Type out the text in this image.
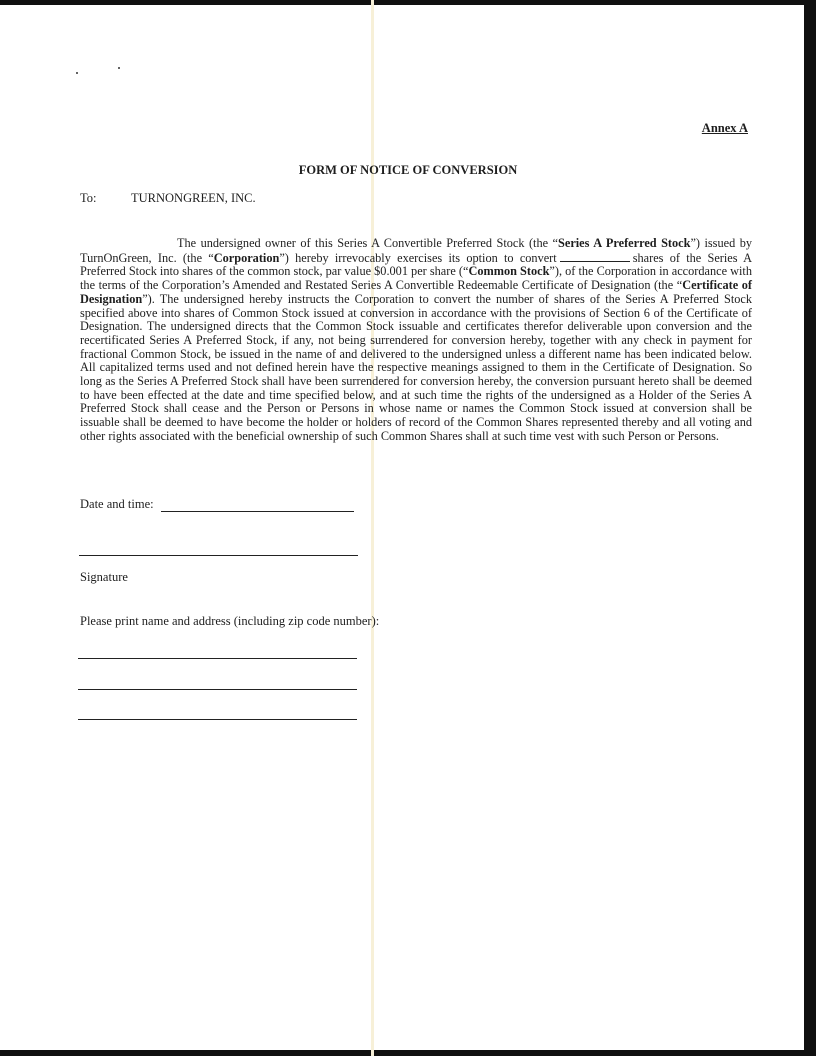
Annex A
FORM OF NOTICE OF CONVERSION
To:	TURNONGREEN, INC.

The undersigned owner of this Series A Convertible Preferred Stock (the “Series A Preferred Stock”) issued by TurnOnGreen, Inc. (the “Corporation”) hereby irrevocably exercises its option to convert	shares of the Series A Preferred Stock into shares of the common stock, par value $0.001 per share (“Common Stock”), of the Corporation in accordance with the terms of the Corporation’s Amended and Restated Series A Convertible Redeemable Certificate of Designation (the “Certificate of Designation”). The undersigned hereby instructs the Corporation to convert the number of shares of the Series A Preferred Stock specified above into shares of Common Stock issued at conversion in accordance with the provisions of Section 6 of the Certificate of Designation. The undersigned directs that the Common Stock issuable and certificates therefor deliverable upon conversion and the recertificated Series A Preferred Stock, if any, not being surrendered for conversion hereby, together with any check in payment for fractional Common Stock, be issued in the name of and delivered to the undersigned unless a different name has been indicated below. All capitalized terms used and not defined herein have the respective meanings assigned to them in the Certificate of Designation. So long as the Series A Preferred Stock shall have been surrendered for conversion hereby, the conversion pursuant hereto shall be deemed to have been effected at the date and time specified below, and at such time the rights of the undersigned as a Holder of the Series A Preferred Stock shall cease and the Person or Persons in whose name or names the Common Stock issued at conversion shall be issuable shall be deemed to have become the holder or holders of record of the Common Shares represented thereby and all voting and other rights associated with the beneficial ownership of such Common Shares shall at such time vest with such Person or Persons.

Date and time:
Signature
Please print name and address (including zip code number):
